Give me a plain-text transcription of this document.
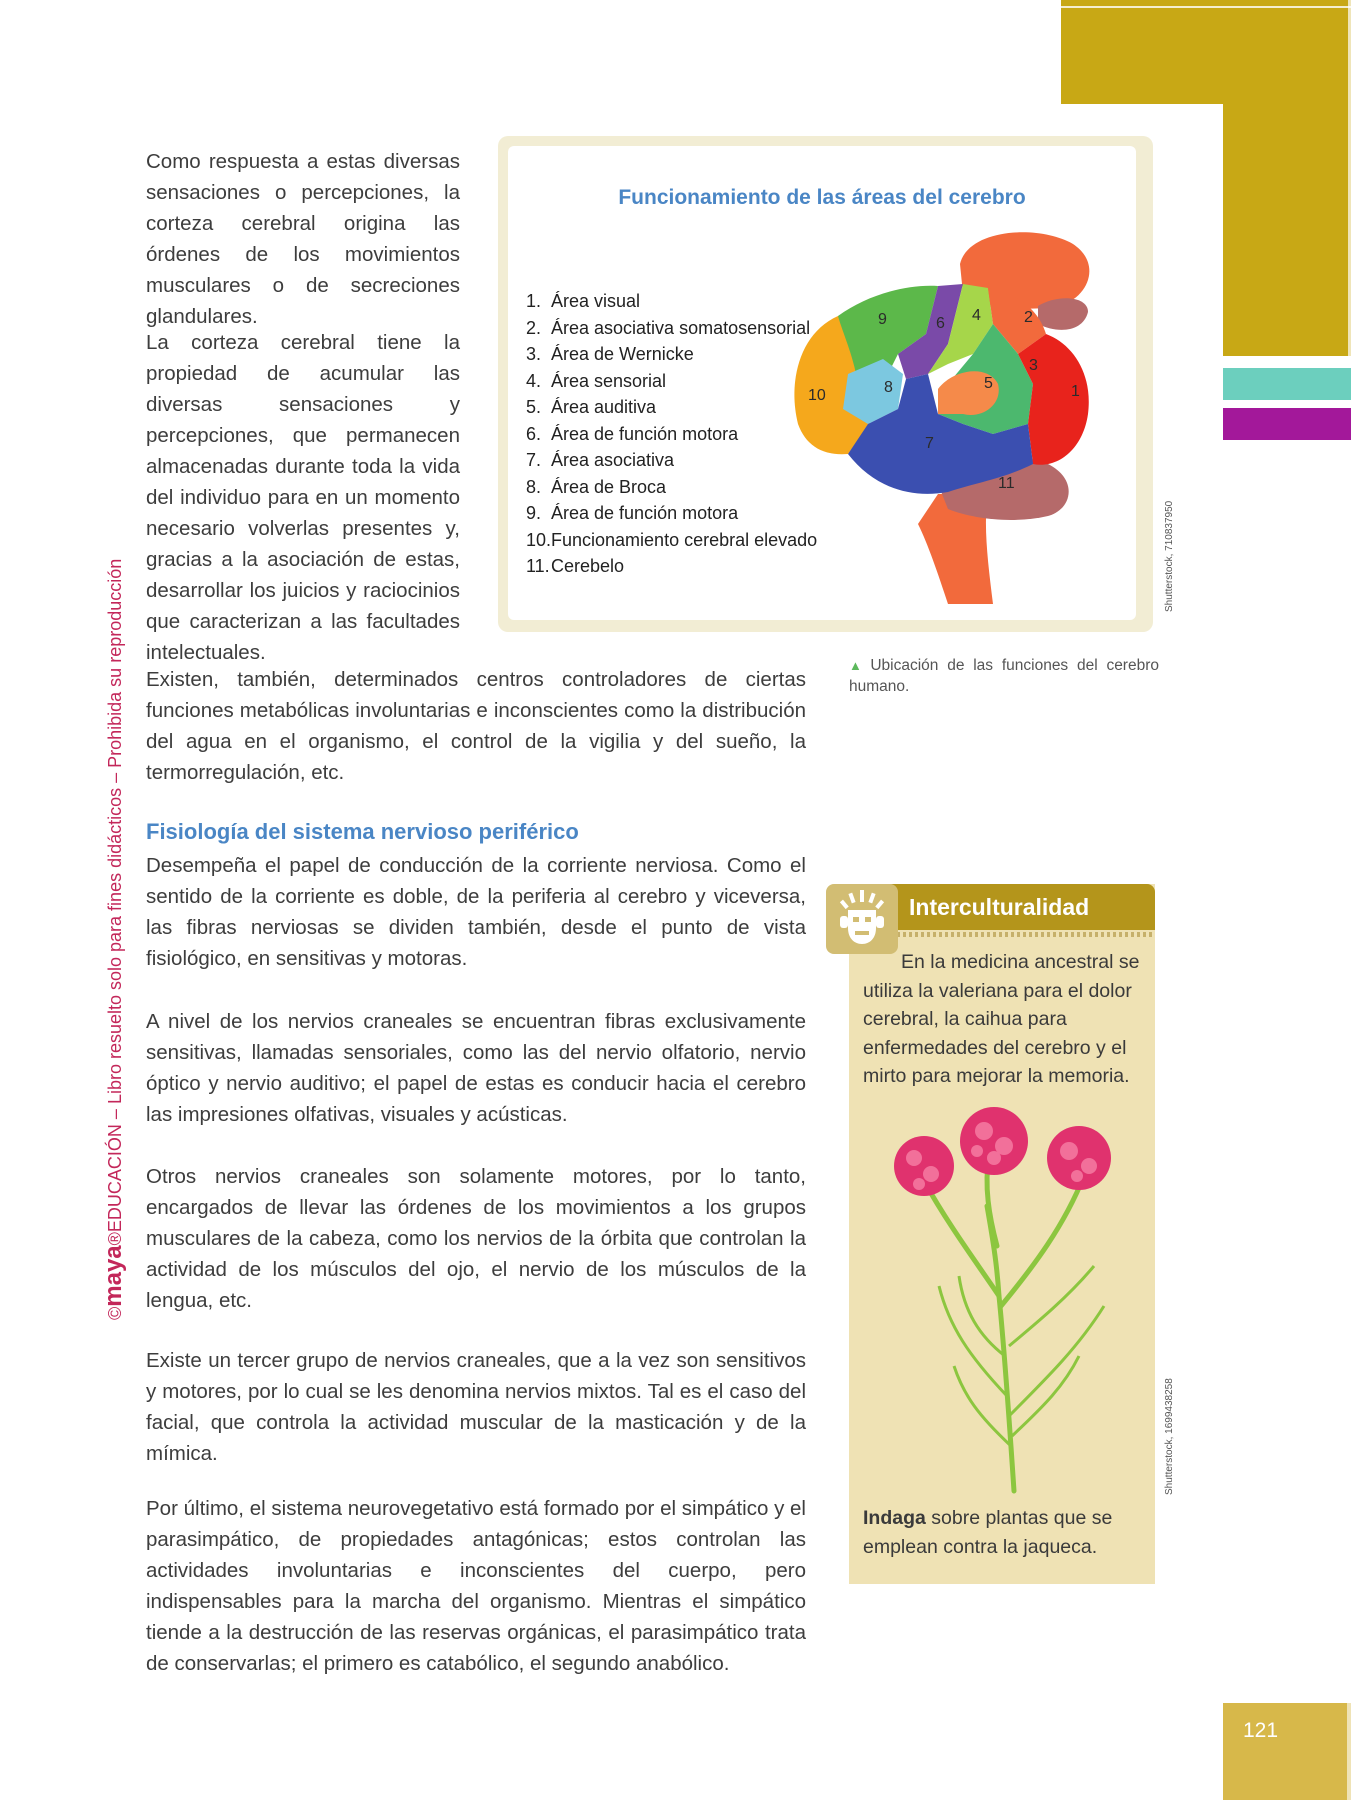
©maya®EDUCACIÓN – Libro resuelto solo para fines didácticos – Prohibida su reproducción

Como respuesta a estas diversas sensaciones o percepciones, la corteza cerebral origina las órdenes de los movimientos musculares o de secreciones glandulares.

La corteza cerebral tiene la propiedad de acumular las diversas sensaciones y percepciones, que permanecen almacenadas durante toda la vida del individuo para en un momento necesario volverlas presentes y, gracias a la asociación de estas, desarrollar los juicios y raciocinios que caracterizan a las facultades intelectuales.

Existen, también, determinados centros controladores de ciertas funciones metabólicas involuntarias e inconscientes como la distribución del agua en el organismo, el control de la vigilia y del sueño, la termorregulación, etc.

Fisiología del sistema nervioso periférico

Desempeña el papel de conducción de la corriente nerviosa. Como el sentido de la corriente es doble, de la periferia al cerebro y viceversa, las fibras nerviosas se dividen también, desde el punto de vista fisiológico, en sensitivas y motoras.

A nivel de los nervios craneales se encuentran fibras exclusivamente sensitivas, llamadas sensoriales, como las del nervio olfatorio, nervio óptico y nervio auditivo; el papel de estas es conducir hacia el cerebro las impresiones olfativas, visuales y acústicas.

Otros nervios craneales son solamente motores, por lo tanto, encargados de llevar las órdenes de los movimientos a los grupos musculares de la cabeza, como los nervios de la órbita que controlan la actividad de los músculos del ojo, el nervio de los músculos de la lengua, etc.

Existe un tercer grupo de nervios craneales, que a la vez son sensitivos y motores, por lo cual se les denomina nervios mixtos. Tal es el caso del facial, que controla la actividad muscular de la masticación y de la mímica.

Por último, el sistema neurovegetativo está formado por el simpático y el parasimpático, de propiedades antagónicas; estos controlan las actividades involuntarias e inconscientes del cuerpo, pero indispensables para la marcha del organismo. Mientras el simpático tiende a la destrucción de las reservas orgánicas, el parasimpático trata de conservarlas; el primero es catabólico, el segundo anabólico.

Funcionamiento de las áreas del cerebro
1. Área visual
2. Área asociativa somatosensorial
3. Área de Wernicke
4. Área sensorial
5. Área auditiva
6. Área de función motora
7. Área asociativa
8. Área de Broca
9. Área de función motora
10.Funcionamiento cerebral elevado
11.Cerebelo
1
2
3
4
5
6
7
8
9
10
11
Shutterstock, 710837950

▲ Ubicación de las funciones del cerebro humano.

Interculturalidad

En la medicina ancestral se utiliza la valeriana para el dolor cerebral, la caihua para enfermedades del cerebro y el mirto para mejorar la memoria.

Indaga sobre plantas que se emplean contra la jaqueca.

Shutterstock, 1699438258
121
